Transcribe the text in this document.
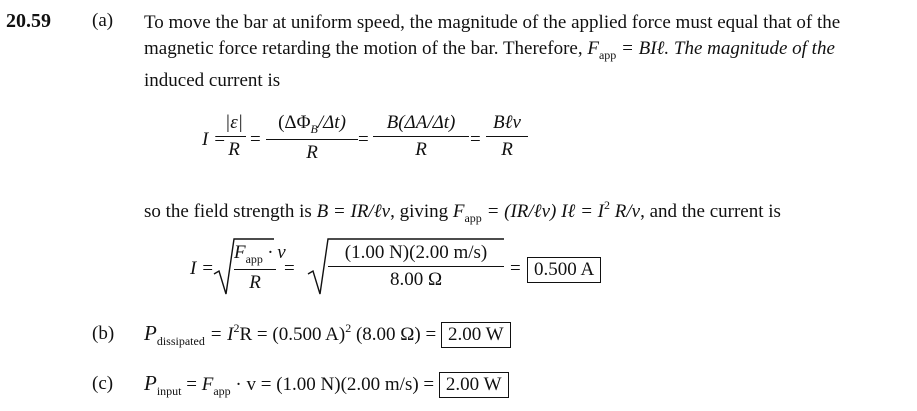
20.59 (a) To move the bar at uniform speed, the magnitude of the applied force must equal that of the
magnetic force retarding the motion of the bar. Therefore, $F_{app}$ = BIℓ. The magnitude of the
induced current is
I =
|ε|
R =
$(\Delta\Phi_B/\Delta t)$
R
=
B(ΔA/Δt)
R	=
Bℓv
R
so the field strength is B = IR/ℓv, giving $F_{app}$ = (IR/ℓv) Iℓ = $I^2$ R/v, and the current is
I =
$F_{app} \cdot v$
R
=
(1.00 N)(2.00 m/s)
8.00 Ω
= 0.500 A
(b) $P_{dissipated} = I^2R = (0.500$ A)$^2$ (8.00 Ω) = 2.00 W
(c) $P_{input} = F_{app} \cdot v = (1.00$ N)(2.00 m/s) = 2.00 W
